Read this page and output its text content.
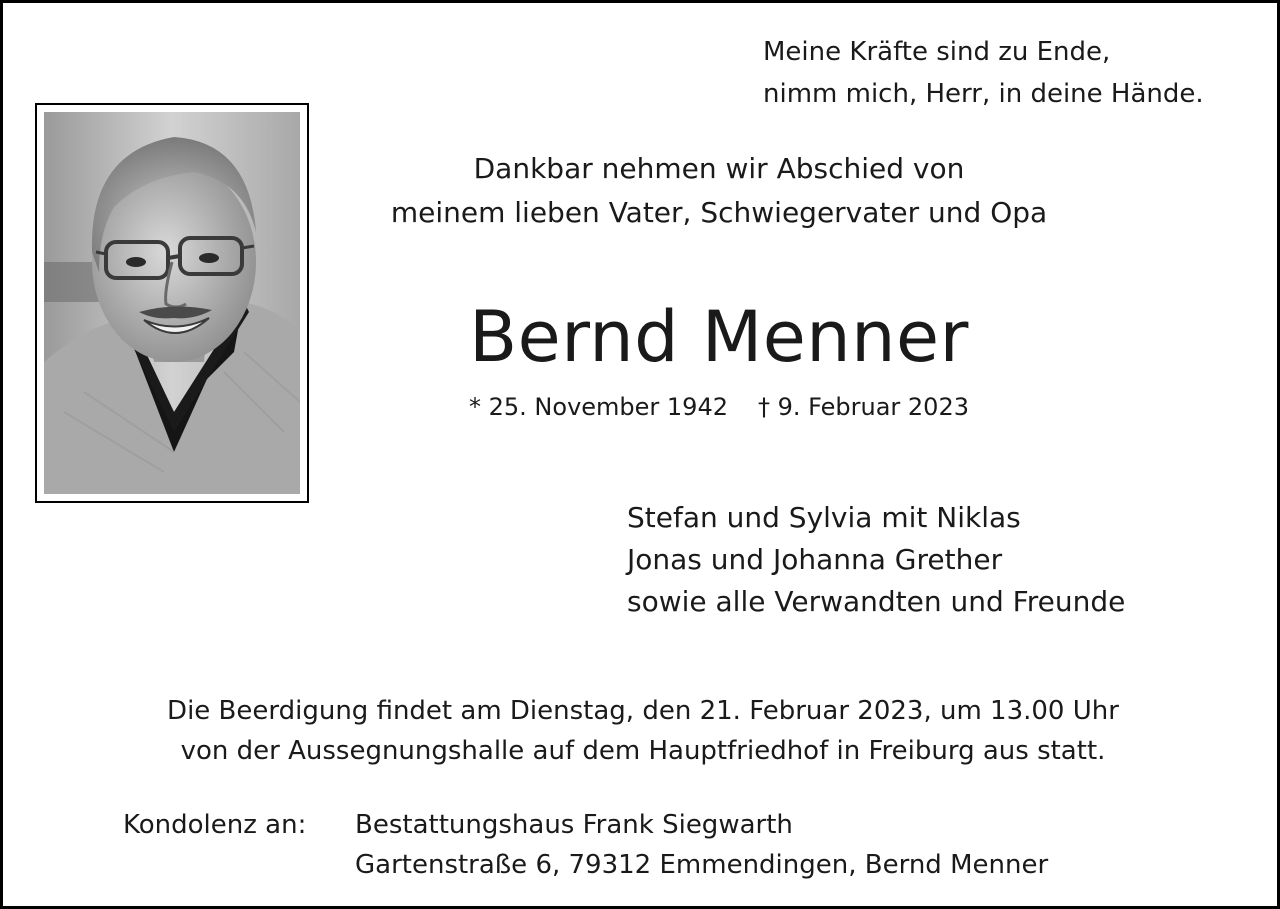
Meine Kräfte sind zu Ende,
nimm mich, Herr, in deine Hände.
Dankbar nehmen wir Abschied von
meinem lieben Vater, Schwiegervater und Opa
Bernd Menner
* 25. November 1942 † 9. Februar 2023
Stefan und Sylvia mit Niklas
Jonas und Johanna Grether
sowie alle Verwandten und Freunde
Die Beerdigung findet am Dienstag, den 21. Februar 2023, um 13.00 Uhr
von der Aussegnungshalle auf dem Hauptfriedhof in Freiburg aus statt.
Kondolenz an: Bestattungshaus Frank Siegwarth
Gartenstraße 6, 79312 Emmendingen, Bernd Menner
